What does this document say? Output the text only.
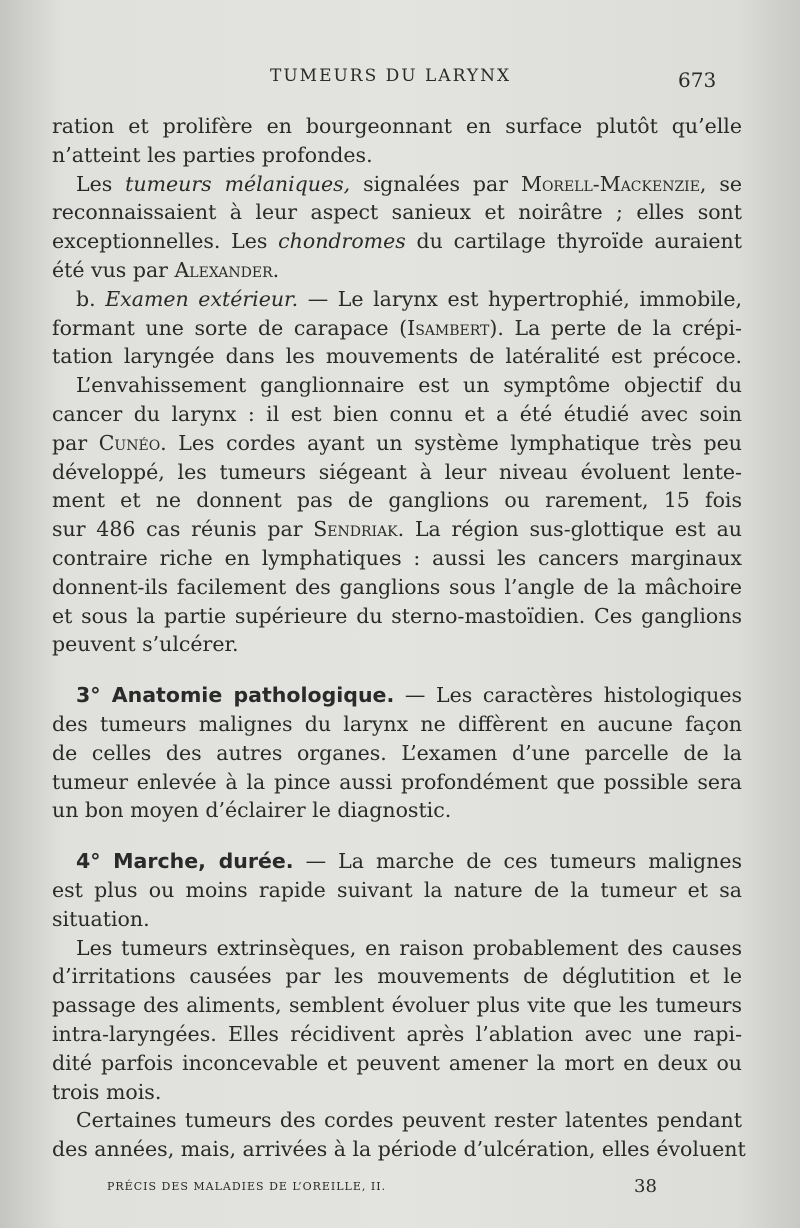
TUMEURS DU LARYNX	673
ration et prolifère en bourgeonnant en surface plutôt qu’elle
n’atteint les parties profondes.
Les tumeurs mélaniques, signalées par Morell-Mackenzie, se
reconnaissaient à leur aspect sanieux et noirâtre ; elles sont
exceptionnelles. Les chondromes du cartilage thyroïde auraient
été vus par Alexander.
b. Examen extérieur. — Le larynx est hypertrophié, immobile,
formant une sorte de carapace (Isambert). La perte de la crépi-
tation laryngée dans les mouvements de latéralité est précoce.
L’envahissement ganglionnaire est un symptôme objectif du
cancer du larynx : il est bien connu et a été étudié avec soin
par Cunéo. Les cordes ayant un système lymphatique très peu
développé, les tumeurs siégeant à leur niveau évoluent lente-
ment et ne donnent pas de ganglions ou rarement, 15 fois
sur 486 cas réunis par Sendriak. La région sus-glottique est au
contraire riche en lymphatiques : aussi les cancers marginaux
donnent-ils facilement des ganglions sous l’angle de la mâchoire
et sous la partie supérieure du sterno-mastoïdien. Ces ganglions
peuvent s’ulcérer.
3° Anatomie pathologique. — Les caractères histologiques
des tumeurs malignes du larynx ne diffèrent en aucune façon
de celles des autres organes. L’examen d’une parcelle de la
tumeur enlevée à la pince aussi profondément que possible sera
un bon moyen d’éclairer le diagnostic.
4° Marche, durée. — La marche de ces tumeurs malignes
est plus ou moins rapide suivant la nature de la tumeur et sa
situation.
Les tumeurs extrinsèques, en raison probablement des causes
d’irritations causées par les mouvements de déglutition et le
passage des aliments, semblent évoluer plus vite que les tumeurs
intra-laryngées. Elles récidivent après l’ablation avec une rapi-
dité parfois inconcevable et peuvent amener la mort en deux ou
trois mois.
Certaines tumeurs des cordes peuvent rester latentes pendant
des années, mais, arrivées à la période d’ulcération, elles évoluent
PRÉCIS DES MALADIES DE L’OREILLE, II.	38
